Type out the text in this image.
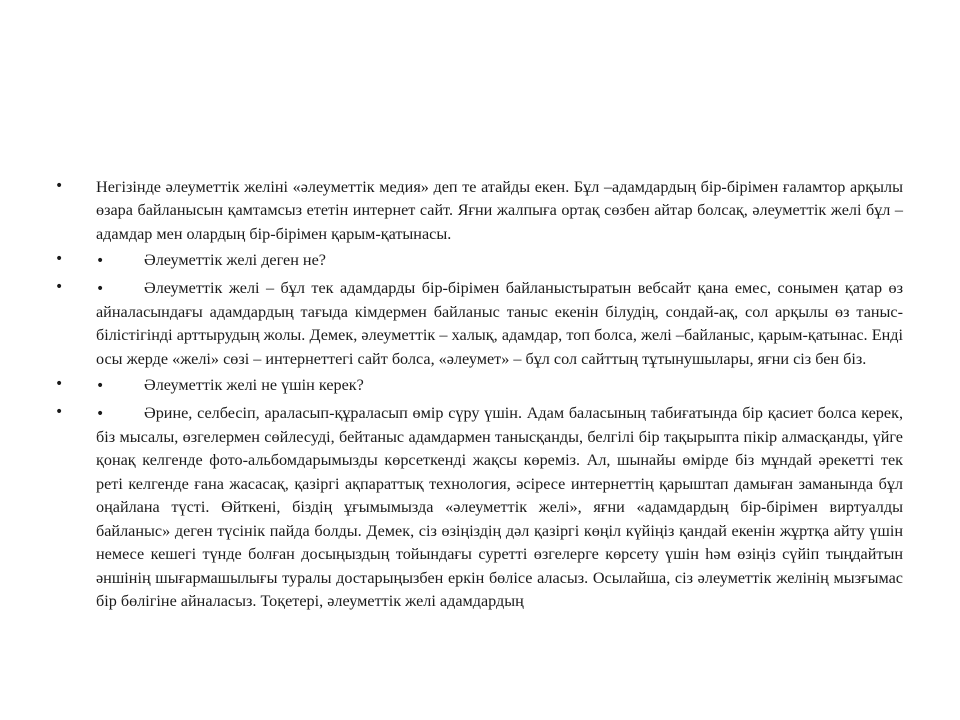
• Негізінде әлеуметтік желіні «әлеуметтік медия» деп те атайды екен. Бұл –адамдардың бір-бірімен ғаламтор арқылы өзара байланысын қамтамсыз ететін интернет сайт. Яғни жалпыға ортақ сөзбен айтар болсақ, әлеуметтік желі бұл – адамдар мен олардың бір-бірімен қарым-қатынасы.
• • Әлеуметтік желі деген не?
• • Әлеуметтік желі – бұл тек адамдарды бір-бірімен байланыстыратын вебсайт қана емес, сонымен қатар өз айналасындағы адамдардың тағыда кімдермен байланыс таныс екенін білудің, сондай-ақ, сол арқылы өз таныс-білістігінді арттырудың жолы. Демек, әлеуметтік – халық, адамдар, топ болса, желі –байланыс, қарым-қатынас. Енді осы жерде «желі» сөзі – интернеттегі сайт болса, «әлеумет» – бұл сол сайттың тұтынушылары, яғни сіз бен біз.
• • Әлеуметтік желі не үшін керек?
• • Әрине, селбесіп, араласып-құраласып өмір сүру үшін. Адам баласының табиғатында бір қасиет болса керек, біз мысалы, өзгелермен сөйлесуді, бейтаныс адамдармен танысқанды, белгілі бір тақырыпта пікір алмасқанды, үйге қонақ келгенде фото-альбомдарымызды көрсеткенді жақсы көреміз. Ал, шынайы өмірде біз мұндай әрекетті тек реті келгенде ғана жасасақ, қазіргі ақпараттық технология, әсіресе интернеттің қарыштап дамыған заманында бұл оңайлана түсті. Өйткені, біздің ұғымымызда «әлеуметтік желі», яғни «адамдардың бір-бірімен виртуалды байланыс» деген түсінік пайда болды. Демек, сіз өзіңіздің дәл қазіргі көңіл күйіңіз қандай екенін жұртқа айту үшін немесе кешегі түнде болған досыңыздың тойындағы суретті өзгелерге көрсету үшін һәм өзіңіз сүйіп тыңдайтын әншінің шығармашылығы туралы достарыңызбен еркін бөлісе аласыз. Осылайша, сіз әлеуметтік желінің мызғымас бір бөлігіне айналасыз. Тоқетері, әлеуметтік желі адамдардың
